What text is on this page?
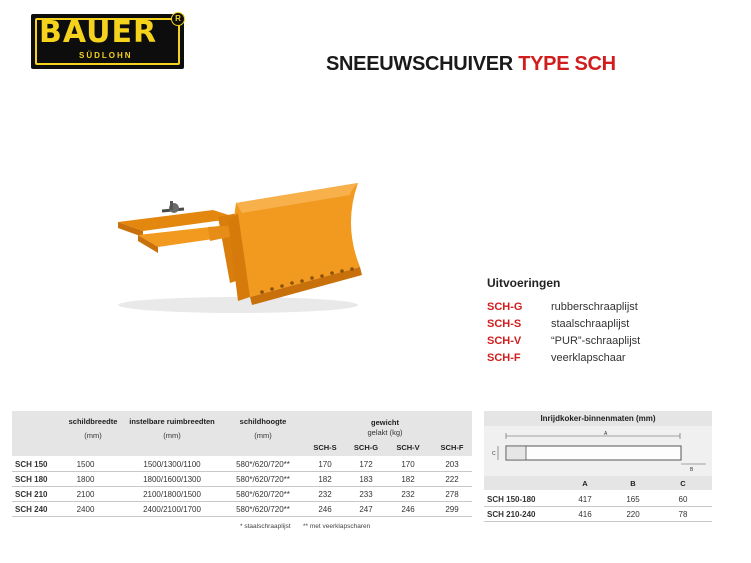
BAUER
SÜDLOHN
R
SNEEUWSCHUIVER TYPE SCH
Uitvoeringen
SCH-G	rubberschraaplijst
SCH-S	staalschraaplijst
SCH-V	“PUR”-schraaplijst
SCH-F	veerklapschaar
schildbreedte
(mm)
instelbare ruimbreedten
(mm)
schildhoogte
(mm)
gewicht
gelakt (kg)
SCH-S	SCH-G	SCH-V	SCH-F
SCH 150	1500	1500/1300/1100	580*/620/720**	170	172	170	203
SCH 180	1800	1800/1600/1300	580*/620/720**	182	183	182	222
SCH 210	2100	2100/1800/1500	580*/620/720**	232	233	232	278
SCH 240	2400	2400/2100/1700	580*/620/720**	246	247	246	299
* staalschraaplijst ** met veerklapscharen
Inrijdkoker-binnenmaten (mm)
A
C
B
A	B	C
SCH 150-180	417	165	60
SCH 210-240	416	220	78
